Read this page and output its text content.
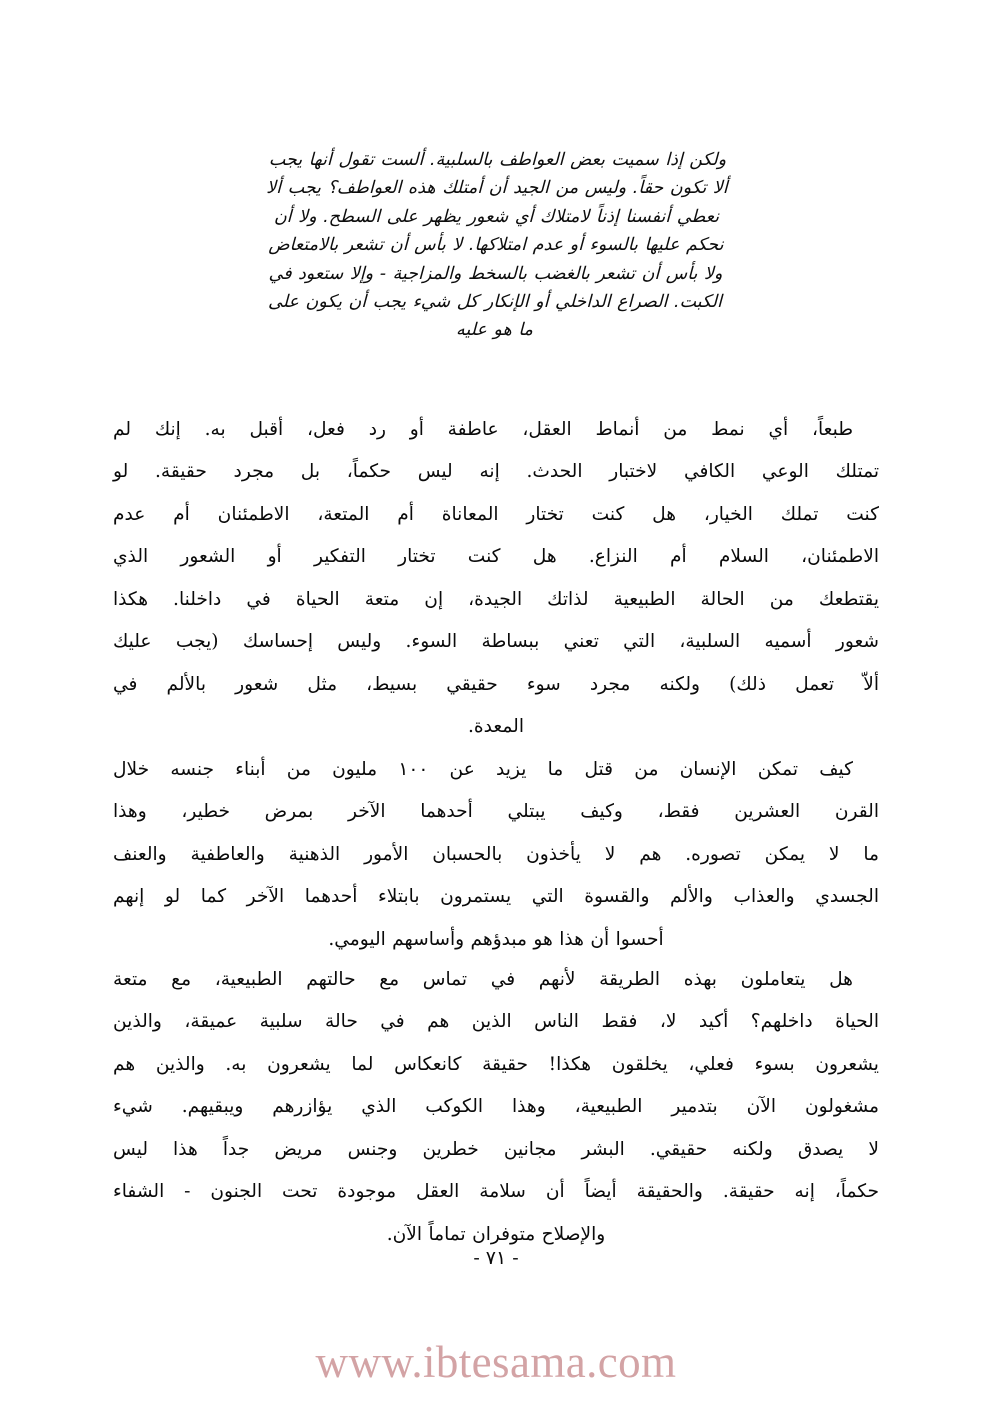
ولكن إذا سميت بعض العواطف بالسلبية. ألست تقول أنها يجب
ألا تكون حقاً. وليس من الجيد أن أمتلك هذه العواطف؟ يجب ألا
نعطي أنفسنا إذناً لامتلاك أي شعور يظهر على السطح. ولا أن
نحكم عليها بالسوء أو عدم امتلاكها. لا بأس أن تشعر بالامتعاض
ولا بأس أن تشعر بالغضب بالسخط والمزاجية - وإلا ستعود في
الكبت. الصراع الداخلي أو الإنكار كل شيء يجب أن يكون على
ما هو عليه

طبعاً، أي نمط من أنماط العقل، عاطفة أو رد فعل، أقبل به. إنك لم
تمتلك الوعي الكافي لاختبار الحدث. إنه ليس حكماً، بل مجرد حقيقة. لو
كنت تملك الخيار، هل كنت تختار المعاناة أم المتعة، الاطمئنان أم عدم
الاطمئنان، السلام أم النزاع. هل كنت تختار التفكير أو الشعور الذي
يقتطعك من الحالة الطبيعية لذاتك الجيدة، إن متعة الحياة في داخلنا. هكذا
شعور أسميه السلبية، التي تعني ببساطة السوء. وليس إحساسك (يجب عليك
ألاّ تعمل ذلك) ولكنه مجرد سوء حقيقي بسيط، مثل شعور بالألم في
المعدة.

كيف تمكن الإنسان من قتل ما يزيد عن ١٠٠ مليون من أبناء جنسه خلال
القرن العشرين فقط، وكيف يبتلي أحدهما الآخر بمرض خطير، وهذا
ما لا يمكن تصوره. هم لا يأخذون بالحسبان الأمور الذهنية والعاطفية والعنف
الجسدي والعذاب والألم والقسوة التي يستمرون بابتلاء أحدهما الآخر كما لو إنهم
أحسوا أن هذا هو مبدؤهم وأساسهم اليومي.

هل يتعاملون بهذه الطريقة لأنهم في تماس مع حالتهم الطبيعية، مع متعة
الحياة داخلهم؟ أكيد لا، فقط الناس الذين هم في حالة سلبية عميقة، والذين
يشعرون بسوء فعلي، يخلقون هكذا! حقيقة كانعكاس لما يشعرون به. والذين هم
مشغولون الآن بتدمير الطبيعية، وهذا الكوكب الذي يؤازرهم ويبقيهم. شيء
لا يصدق ولكنه حقيقي. البشر مجانين خطرين وجنس مريض جداً هذا ليس
حكماً، إنه حقيقة. والحقيقة أيضاً أن سلامة العقل موجودة تحت الجنون - الشفاء
والإصلاح متوفران تماماً الآن.

- ٧١ -
www.ibtesama.com
